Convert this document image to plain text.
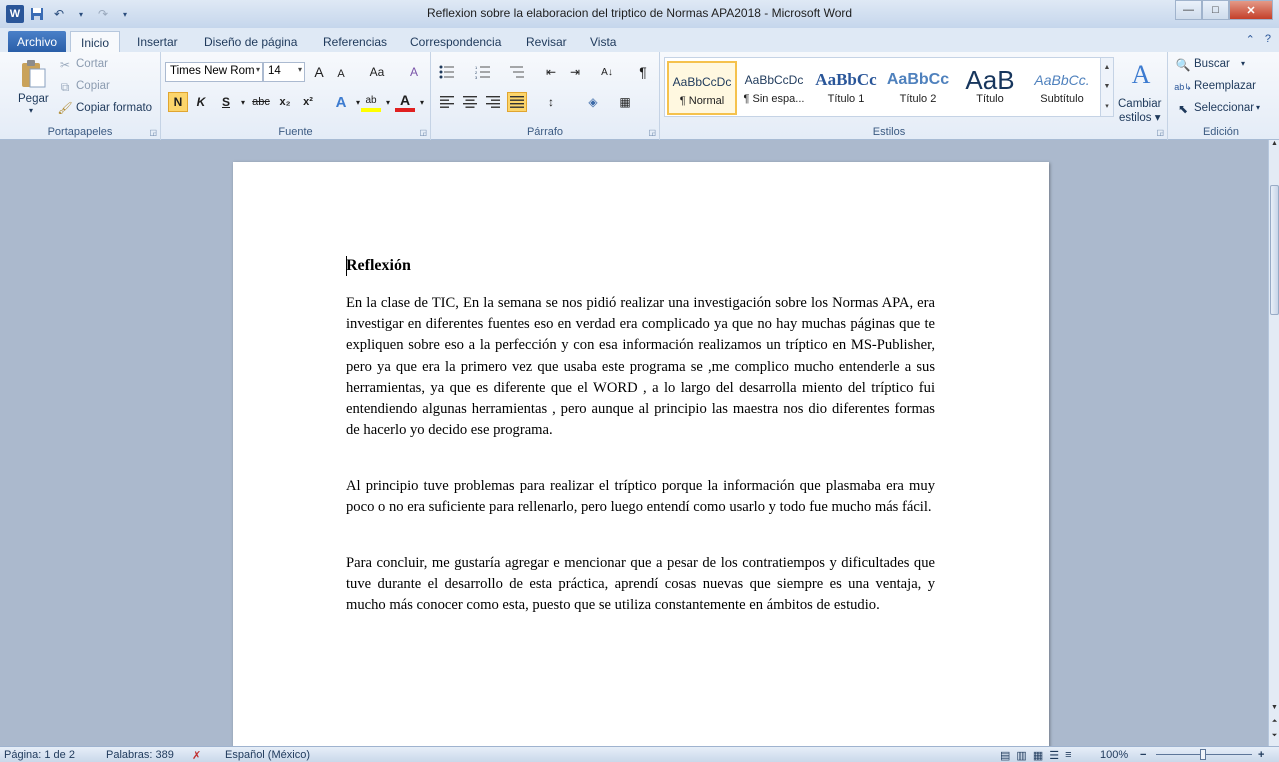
W	↶	▾	↷	▾	Reflexion sobre la elaboracion del triptico de Normas APA2018 - Microsoft Word	—	□	✕
Archivo	Inicio	Insertar	Diseño de página	Referencias	Correspondencia	Revisar	Vista	⌃ ?
Pegar
▾
✂ Cortar
⧉ Copiar
🖌 Copiar formato
Portapapeles	◲
Times New Rom ▾ 14 ▾ A	A	Aa	A
N	K	S	▾ abc x₂	x²	A	▾ ab	▾ A	▾
Fuente	◲
1
2
3	⇤	⇥	A↓	¶
↕	◈	▦
Párrafo	◲	Estilos
Cambiar
estilos ▾
A
◲
AaBbCcDc
¶ Normal
AaBbCcDc
¶ Sin espa...
AaBbCc
Título 1
AaBbCc
Título 2
AaB
Título
AaBbCc.
Subtítulo
▲
▼
▾
🔍 Buscar ▾
ab↳ Reemplazar
⬉ Seleccionar ▾
Edición
Reflexión
En la clase de TIC, En la semana se nos pidió realizar una investigación sobre los Normas APA, era investigar en diferentes fuentes eso en verdad era complicado ya que no hay muchas páginas que te expliquen sobre eso a la perfección y con esa información realizamos un tríptico en MS-Publisher, pero ya que era la primero vez que usaba este programa se ,me complico mucho entenderle a sus herramientas, ya que es diferente que el WORD , a lo largo del desarrolla miento del tríptico fui entendiendo algunas herramientas , pero aunque al principio las maestra nos dio diferentes formas de hacerlo yo decido ese programa.
Al principio tuve problemas para realizar el tríptico porque la información que plasmaba era muy poco o no era suficiente para rellenarlo, pero luego entendí como usarlo y todo fue mucho más fácil.
Para concluir, me gustaría agregar e mencionar que a pesar de los contratiempos y dificultades que tuve durante el desarrollo de esta práctica, aprendí cosas nuevas que siempre es una ventaja, y mucho más conocer como esta, puesto que se utiliza constantemente en ámbitos de estudio.
▲
▼
⏶
⏷
Página: 1 de 2	Palabras: 389 ✗ Español (México)	▤ ▥ ▦ ☰ ≡	100% −	+
